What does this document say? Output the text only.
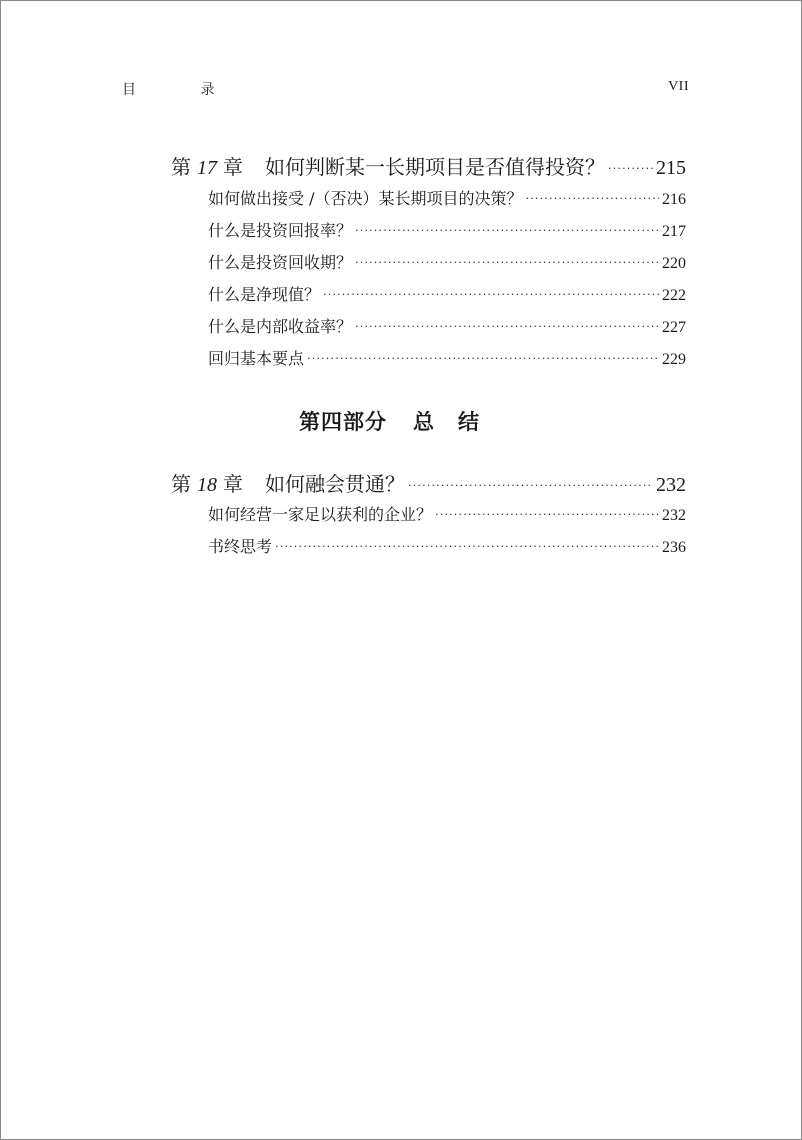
目 录	VII
第 17 章 如何判断某一长期项目是否值得投资？ ·····	215
如何做出接受 /（否决）某长期项目的决策？ ·····	216
什么是投资回报率？ ·····	217
什么是投资回收期？ ·····	220
什么是净现值？ ·····	222
什么是内部收益率？ ·····	227
回归基本要点 ·····	229
第四部分 总结
第 18 章 如何融会贯通？ ·····	232
如何经营一家足以获利的企业？ ·····	232
书终思考 ·····	236
